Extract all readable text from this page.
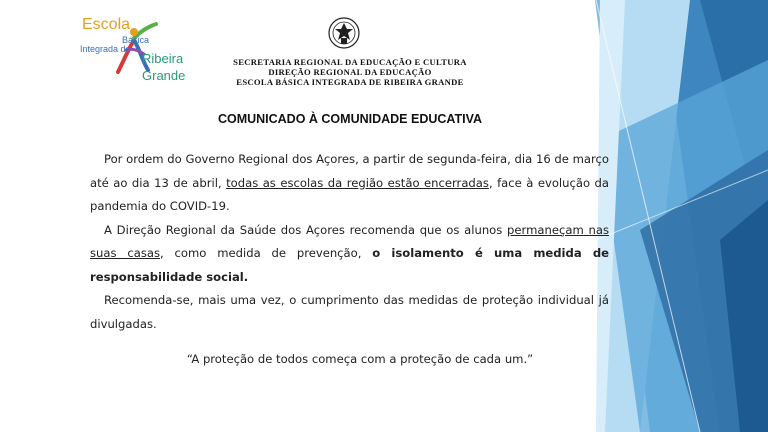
Escola
Básica
Integrada de
Ribeira
Grande
SECRETARIA REGIONAL DA EDUCAÇÃO E CULTURA
DIREÇÃO REGIONAL DA EDUCAÇÃO
ESCOLA BÁSICA INTEGRADA DE RIBEIRA GRANDE
COMUNICADO À COMUNIDADE EDUCATIVA

Por ordem do Governo Regional dos Açores, a partir de segunda-feira, dia 16 de março até ao dia 13 de abril, todas as escolas da região estão encerradas, face à evolução da pandemia do COVID-19.

A Direção Regional da Saúde dos Açores recomenda que os alunos permaneçam nas suas casas, como medida de prevenção, o isolamento é uma medida de responsabilidade social.

Recomenda-se, mais uma vez, o cumprimento das medidas de proteção individual já divulgadas.

“A proteção de todos começa com a proteção de cada um.”
